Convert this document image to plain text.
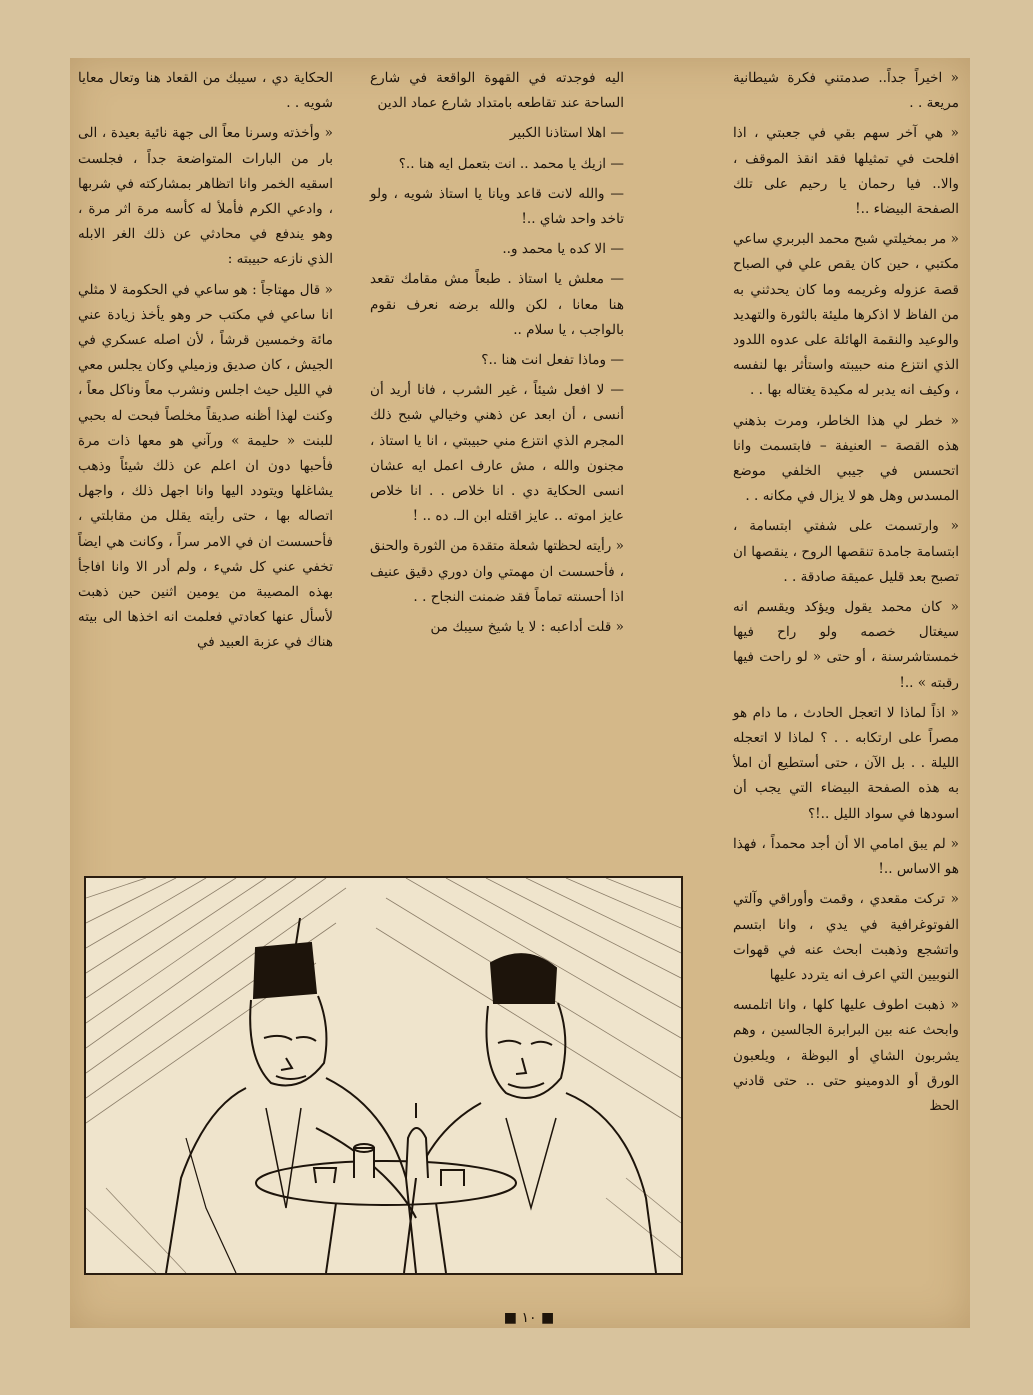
« اخيراً جداً.. صدمتني فكرة شيطانية مريعة . .

« هي آخر سهم بقي في جعبتي ، اذا افلحت في تمثيلها فقد انقذ الموقف ، والا.. فيا رحمان يا رحيم على تلك الصفحة البيضاء ..!

« مر بمخيلتي شبح محمد البربري ساعي مكتبي ، حين كان يقص علي في الصباح قصة عزوله وغريمه وما كان يحدثني به من الفاظ لا اذكرها مليئة بالثورة والتهديد والوعيد والنقمة الهائلة على عدوه اللدود الذي انتزع منه حبيبته واستأثر بها لنفسه ، وكيف انه يدبر له مكيدة يغتاله بها . .

« خطر لي هذا الخاطر، ومرت بذهني هذه القصة – العنيفة – فابتسمت وانا اتحسس في جيبي الخلفي موضع المسدس وهل هو لا يزال في مكانه . .

« وارتسمت على شفتي ابتسامة ، ابتسامة جامدة تنقصها الروح ، ينقصها ان تصبح بعد قليل عميقة صادقة . .

« كان محمد يقول ويؤكد ويقسم انه سيغتال خصمه ولو راح فيها خمستاشرسنة ، أو حتى « لو راحت فيها رقبته » ..!

« اذاً لماذا لا اتعجل الحادث ، ما دام هو مصراً على ارتكابه . . ؟ لماذا لا اتعجله الليلة . . بل الآن ، حتى أستطيع أن املأ به هذه الصفحة البيضاء التي يجب أن اسودها في سواد الليل ..!؟

« لم يبق امامي الا أن أجد محمداً ، فهذا هو الاساس ..!

« تركت مقعدي ، وقمت وأوراقي وآلتي الفوتوغرافية في يدي ، وانا ابتسم واتشجع وذهبت ابحث عنه في قهوات النوبيين التي اعرف انه يتردد عليها

« ذهبت اطوف عليها كلها ، وانا اتلمسه وابحث عنه بين البرابرة الجالسين ، وهم يشربون الشاي أو البوظة ، ويلعبون الورق أو الدومينو حتى .. حتى قادني الحظ

اليه فوجدته في القهوة الواقعة في شارع الساحة عند تقاطعه بامتداد شارع عماد الدين

— اهلا استاذنا الكبير

— ازيك يا محمد .. انت بتعمل ايه هنا ..؟

— والله لانت قاعد ويانا يا استاذ شويه ، ولو تاخد واحد شاي ..!

— الا كده يا محمد و..

— معلش يا استاذ . طبعاً مش مقامك تقعد هنا معانا ، لكن والله برضه نعرف نقوم بالواجب ، يا سلام ..

— وماذا تفعل انت هنا ..؟

— لا افعل شيئاً ، غير الشرب ، فانا أريد أن أنسى ، أن ابعد عن ذهني وخيالي شبح ذلك المجرم الذي انتزع مني حبيبتي ، انا يا استاذ ، مجنون والله ، مش عارف اعمل ايه عشان انسى الحكاية دي . انا خلاص . . انا خلاص عايز اموته .. عايز اقتله ابن الـ. ده .. !

« رأيته لحظتها شعلة متقدة من الثورة والحنق ، فأحسست ان مهمتي وان دوري دقيق عنيف اذا أحسنته تماماً فقد ضمنت النجاح . .

« قلت أداعبه : لا يا شيخ سيبك من

الحكاية دي ، سيبك من القعاد هنا وتعال معايا شويه . .

« وأخذته وسرنا معاً الى جهة نائية بعيدة ، الى بار من البارات المتواضعة جداً ، فجلست اسقيه الخمر وانا اتظاهر بمشاركته في شربها ، وادعي الكرم فأملأ له كأسه مرة اثر مرة ، وهو يندفع في محادثي عن ذلك الغر الابله الذي نازعه حبيبته :

« قال مهتاجاً : هو ساعي في الحكومة لا مثلي انا ساعي في مكتب حر وهو يأخذ زيادة عني مائة وخمسين قرشاً ، لأن اصله عسكري في الجيش ، كان صديق وزميلي وكان يجلس معي في الليل حيث اجلس ونشرب معاً وناكل معاً ، وكنت لهذا أظنه صديقاً مخلصاً فبحت له بحبي للبنت « حليمة » ورآني هو معها ذات مرة فأحبها دون ان اعلم عن ذلك شيئاً وذهب يشاغلها ويتودد اليها وانا اجهل ذلك ، واجهل اتصاله بها ، حتى رأيته يقلل من مقابلتي ، فأحسست ان في الامر سراً ، وكانت هي ايضاً تخفي عني كل شيء ، ولم أدر الا وانا افاجأ بهذه المصيبة من يومين اثنين حين ذهبت لأسأل عنها كعادتي فعلمت انه اخذها الى بيته هناك في عزبة العبيد في

■ ١٠ ■
